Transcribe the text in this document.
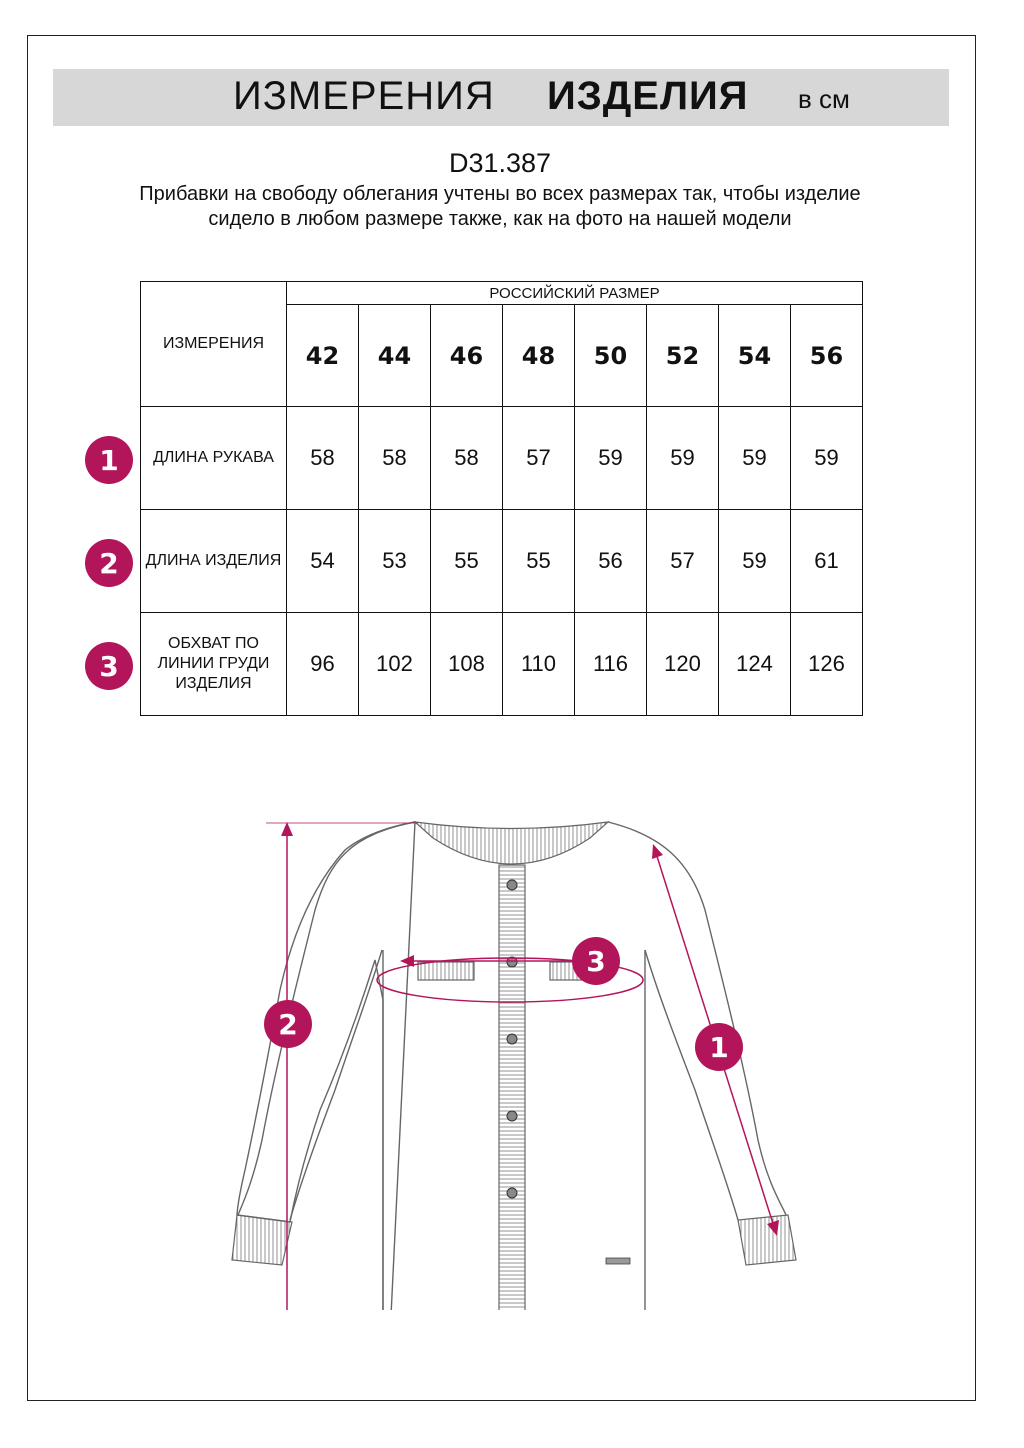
ИЗМЕРЕНИЯ ИЗДЕЛИЯ в см
D31.387
Прибавки на свободу облегания учтены во всех размерах так, чтобы изделие сидело в любом размере также, как на фото на нашей модели
ИЗМЕРЕНИЯ	РОССИЙСКИЙ РАЗМЕР							
	42	44	46	48	50	52	54	56
ДЛИНА РУКАВА	58	58	58	57	59	59	59	59
ДЛИНА ИЗДЕЛИЯ	54	53	55	55	56	57	59	61
ОБХВАТ ПО ЛИНИИ ГРУДИ ИЗДЕЛИЯ	96	102	108	110	116	120	124	126
1
2
3
2
3
1
